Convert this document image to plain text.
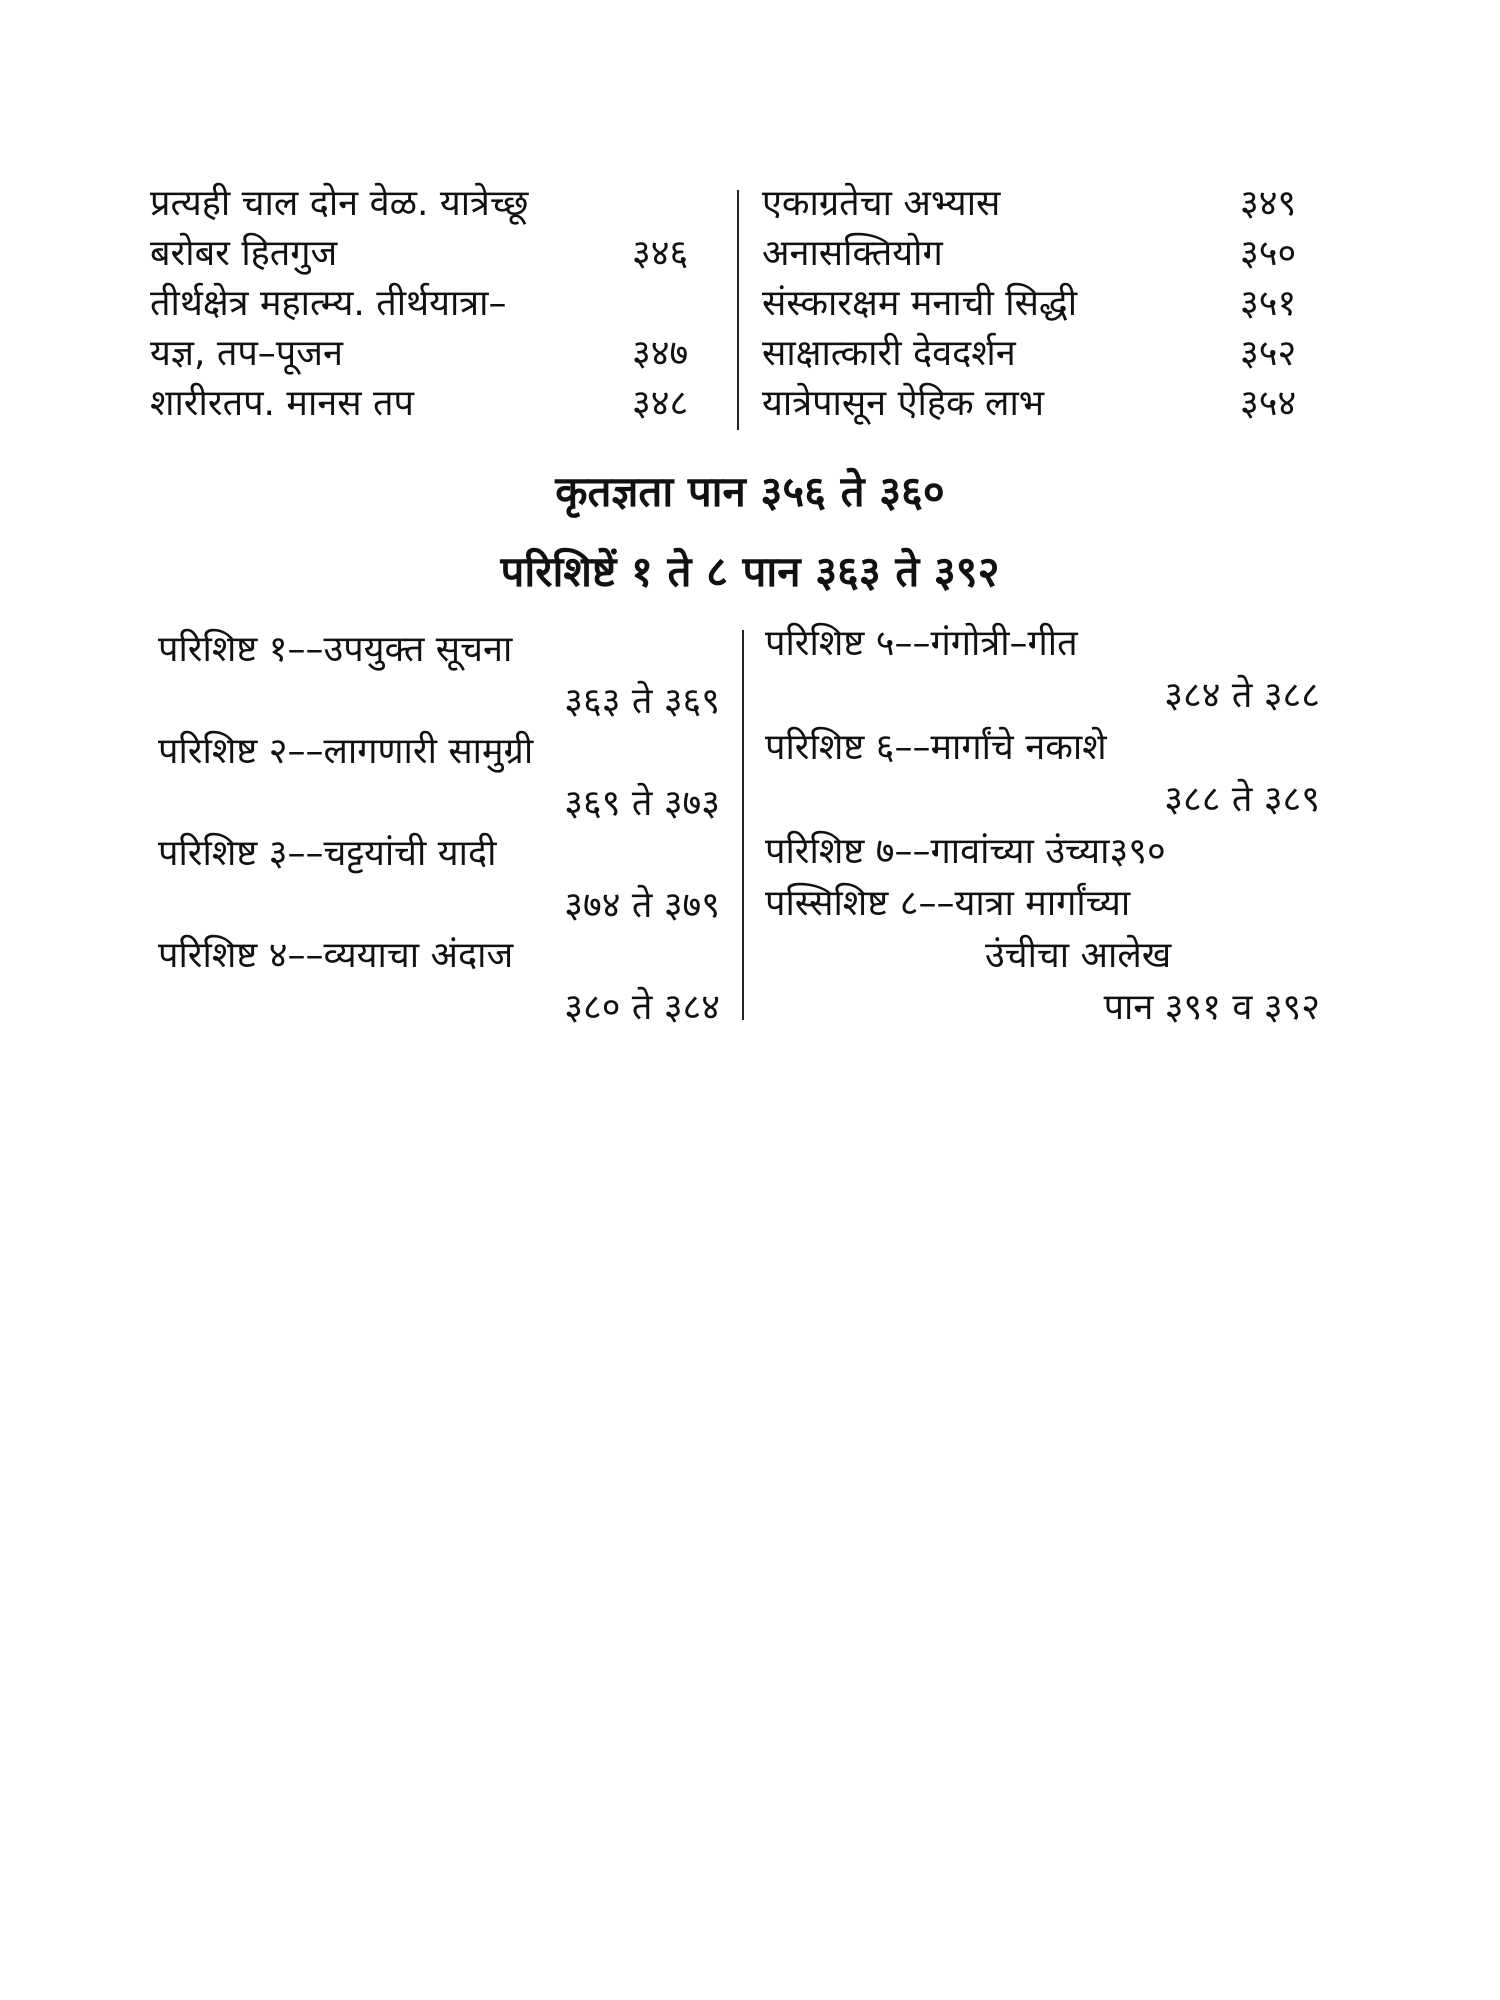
प्रत्यही चाल दोन वेळ. यात्रेच्छू
बरोबर हितगुज	३४६
तीर्थक्षेत्र महात्म्य. तीर्थयात्रा–
यज्ञ, तप–पूजन	३४७
शारीरतप. मानस तप	३४८
एकाग्रतेचा अभ्यास	३४९
अनासक्तियोग	३५०
संस्कारक्षम मनाची सिद्धी	३५१
साक्षात्कारी देवदर्शन	३५२
यात्रेपासून ऐहिक लाभ	३५४
कृतज्ञता पान ३५६ ते ३६०
परिशिष्टें १ ते ८ पान ३६३ ते ३९२
परिशिष्ट १––उपयुक्त सूचना
३६३ ते ३६९
परिशिष्ट २––लागणारी सामुग्री
३६९ ते ३७३
परिशिष्ट ३––चट्टयांची यादी
३७४ ते ३७९
परिशिष्ट ४––व्ययाचा अंदाज
३८० ते ३८४
परिशिष्ट ५––गंगोत्री–गीत
३८४ ते ३८८
परिशिष्ट ६––मार्गांचे नकाशे
३८८ ते ३८९
परिशिष्ट ७––गावांच्या उंच्या३९०
पस्सिशिष्ट ८––यात्रा मार्गांच्या
उंचीचा आलेख
पान ३९१ व ३९२
